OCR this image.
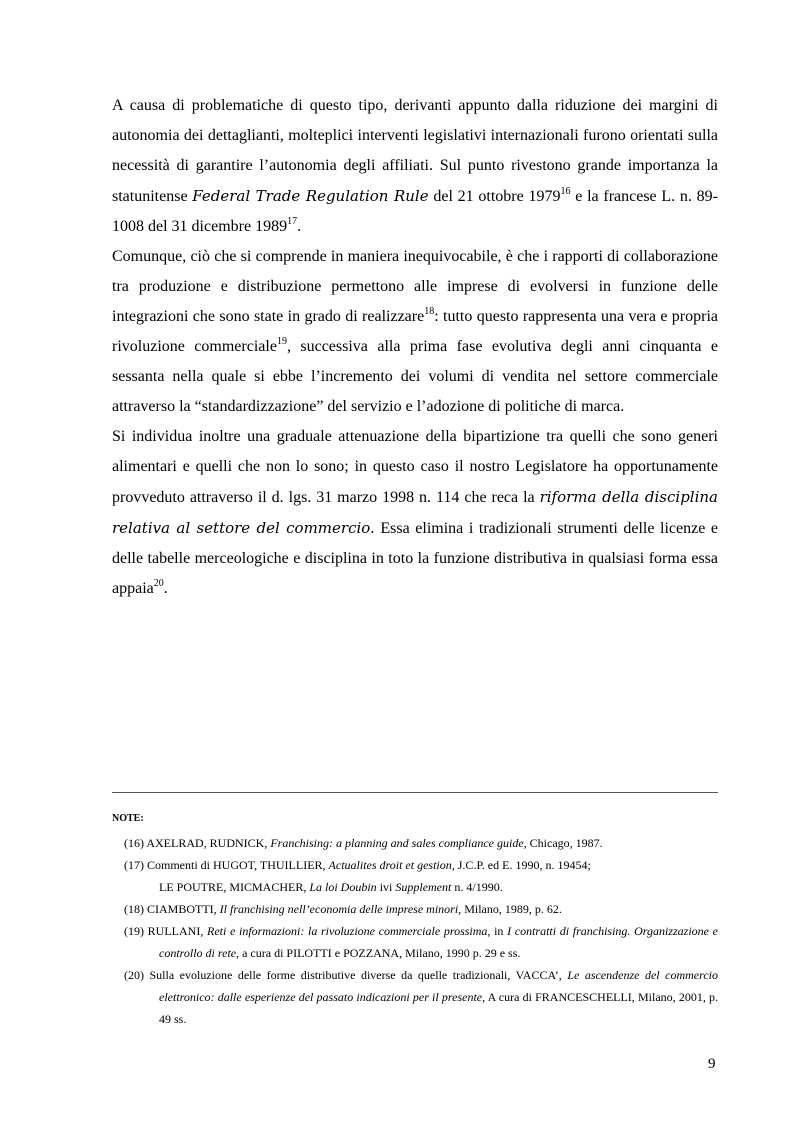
A causa di problematiche di questo tipo, derivanti appunto dalla riduzione dei margini di autonomia dei dettaglianti, molteplici interventi legislativi internazionali furono orientati sulla necessità di garantire l’autonomia degli affiliati. Sul punto rivestono grande importanza la statunitense Federal Trade Regulation Rule del 21 ottobre 1979$^{16}$ e la francese L. n. 89-1008 del 31 dicembre 1989$^{17}$.

Comunque, ciò che si comprende in maniera inequivocabile, è che i rapporti di collaborazione tra produzione e distribuzione permettono alle imprese di evolversi in funzione delle integrazioni che sono state in grado di realizzare$^{18}$: tutto questo rappresenta una vera e propria rivoluzione commerciale$^{19}$, successiva alla prima fase evolutiva degli anni cinquanta e sessanta nella quale si ebbe l’incremento dei volumi di vendita nel settore commerciale attraverso la “standardizzazione” del servizio e l’adozione di politiche di marca.

Si individua inoltre una graduale attenuazione della bipartizione tra quelli che sono generi alimentari e quelli che non lo sono; in questo caso il nostro Legislatore ha opportunamente provveduto attraverso il d. lgs. 31 marzo 1998 n. 114 che reca la riforma della disciplina relativa al settore del commercio. Essa elimina i tradizionali strumenti delle licenze e delle tabelle merceologiche e disciplina in toto la funzione distributiva in qualsiasi forma essa appaia$^{20}$.

NOTE:

(16) AXELRAD, RUDNICK, Franchising: a planning and sales compliance guide, Chicago, 1987.

(17) Commenti di HUGOT, THUILLIER, Actualites droit et gestion, J.C.P. ed E. 1990, n. 19454;

LE POUTRE, MICMACHER, La loi Doubin ivi Supplement n. 4/1990.

(18) CIAMBOTTI, Il franchising nell’economia delle imprese minori, Milano, 1989, p. 62.

(19) RULLANI, Reti e informazioni: la rivoluzione commerciale prossima, in I contratti di franchising. Organizzazione e controllo di rete, a cura di PILOTTI e POZZANA, Milano, 1990 p. 29 e ss.

(20) Sulla evoluzione delle forme distributive diverse da quelle tradizionali, VACCA’, Le ascendenze del commercio elettronico: dalle esperienze del passato indicazioni per il presente, A cura di FRANCESCHELLI, Milano, 2001, p. 49 ss.

9
